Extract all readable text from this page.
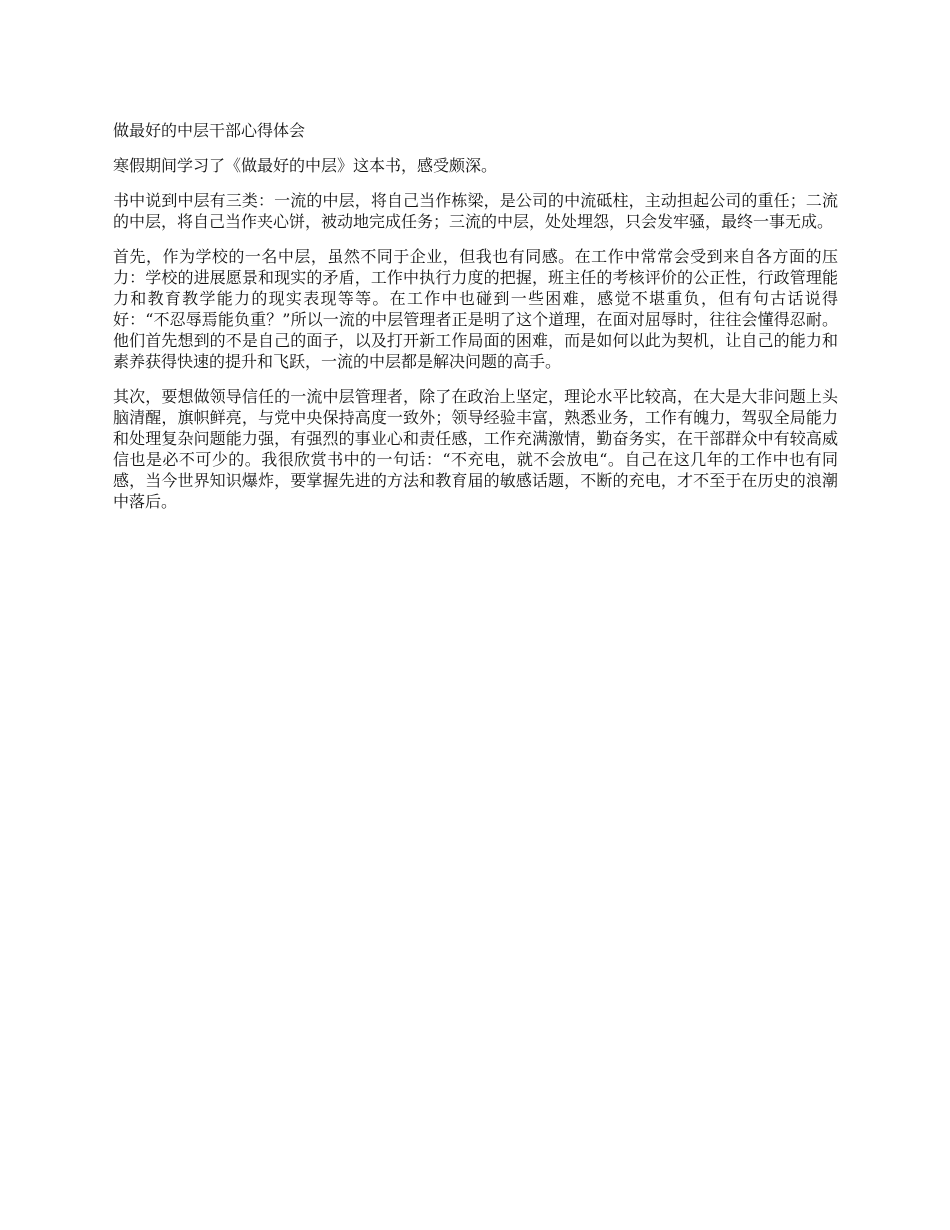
做最好的中层干部心得体会

寒假期间学习了《做最好的中层》这本书，感受颇深。

书中说到中层有三类：一流的中层，将自己当作栋梁，是公司的中流砥柱，主动担起公司的重任；二流的中层，将自己当作夹心饼，被动地完成任务；三流的中层，处处埋怨，只会发牢骚，最终一事无成。

首先，作为学校的一名中层，虽然不同于企业，但我也有同感。在工作中常常会受到来自各方面的压力：学校的进展愿景和现实的矛盾，工作中执行力度的把握，班主任的考核评价的公正性，行政管理能力和教育教学能力的现实表现等等。在工作中也碰到一些困难，感觉不堪重负，但有句古话说得好：“不忍辱焉能负重？”所以一流的中层管理者正是明了这个道理，在面对屈辱时，往往会懂得忍耐。他们首先想到的不是自己的面子，以及打开新工作局面的困难，而是如何以此为契机，让自己的能力和素养获得快速的提升和飞跃，一流的中层都是解决问题的高手。

其次，要想做领导信任的一流中层管理者，除了在政治上坚定，理论水平比较高，在大是大非问题上头脑清醒，旗帜鲜亮，与党中央保持高度一致外；领导经验丰富，熟悉业务，工作有魄力，驾驭全局能力和处理复杂问题能力强，有强烈的事业心和责任感，工作充满激情，勤奋务实，在干部群众中有较高威信也是必不可少的。我很欣赏书中的一句话：“不充电，就不会放电“。自己在这几年的工作中也有同感，当今世界知识爆炸，要掌握先进的方法和教育届的敏感话题，不断的充电，才不至于在历史的浪潮中落后。
